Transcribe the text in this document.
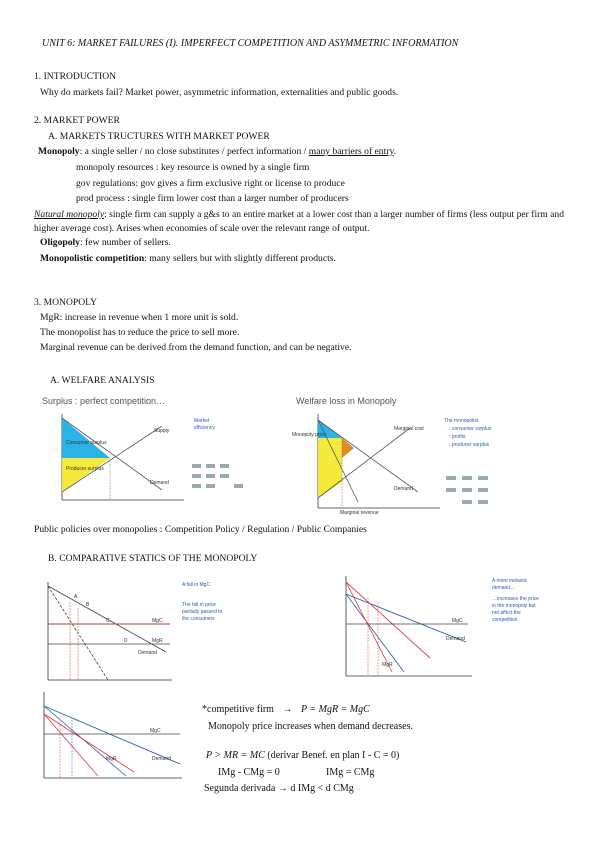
UNIT 6: MARKET FAILURES (I). IMPERFECT COMPETITION AND ASYMMETRIC INFORMATION
1. INTRODUCTION
Why do markets fail? Market power, asymmetric information, externalities and public goods.
2. MARKET POWER
A. MARKETS TRUCTURES WITH MARKET POWER
Monopoly: a single seller / no close substitutes / perfect information / many barriers of entry.
monopoly resources : key resource is owned by a single firm
gov regulations: gov gives a firm exclusive right or license to produce
prod process : single firm lower cost than a larger number of producers
Natural monopoly: single firm can supply a g&s to an entire market at a lower cost than a larger number of firms (less output per firm and higher average cost). Arises when economies of scale over the relevant range of output.
Oligopoly: few number of sellers.
Monopolistic competition: many sellers but with slightly different products.
3. MONOPOLY
MgR: increase in revenue when 1 more unit is sold.
The monopolist has to reduce the price to sell more.
Marginal revenue can be derived from the demand function, and can be negative.
A. WELFARE ANALYSIS
Surplus : perfect competition…
Supply
Demand
Consumer surplus
Producer surplus
Market
efficiency
Welfare loss in Monopoly
Marginal cost
Demand
Marginal revenue
Monopoly price
The monopolist
↓ consumer surplus
↑ profits
↓ producer surplus
Public policies over monopolies : Competition Policy / Regulation / Public Companies
B. COMPARATIVE STATICS OF THE MONOPOLY
A
B
C
D
MgC
MgR
Demand
A fall in MgC
The fall in price
partially passed to
the consumers	MgC
Demand
MgR
A more inelastic
demand…
…increases the price
in the monopoly but
not affect the
competition
MgC
MgR	Demand
*competitive firm → P = MgR = MgC
Monopoly price increases when demand decreases.
P > MR = MC (derivar Benef. en plan I - C = 0)
IMg - CMg = 0	IMg = CMg
Segunda derivada → d IMg < d CMg
